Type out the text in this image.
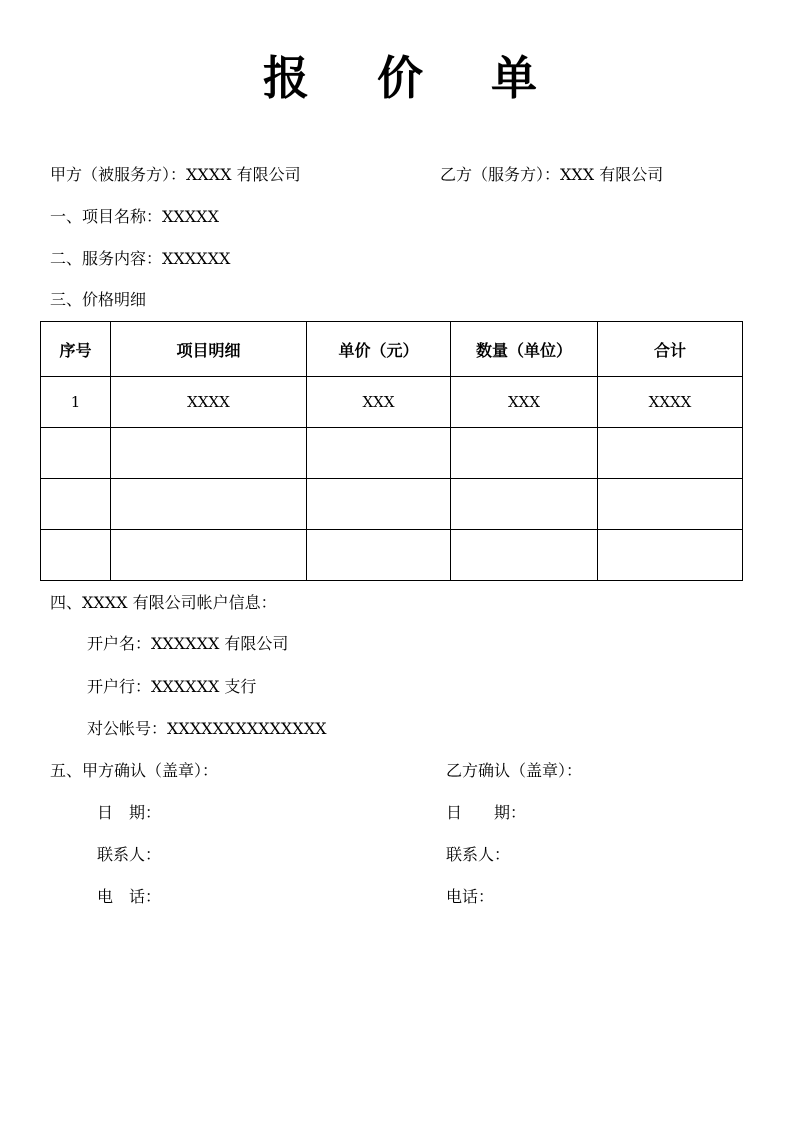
报 价 单
甲方（被服务方）：XXXX 有限公司	乙方（服务方）：XXX 有限公司
一、项目名称：XXXXX
二、服务内容：XXXXXX
三、价格明细
序号	项目明细	单价（元）	数量（单位）	合计
1	XXXX	XXX	XXX	XXXX

四、XXXX 有限公司帐户信息：
开户名：XXXXXX 有限公司
开户行：XXXXXX 支行
对公帐号：XXXXXXXXXXXXXX
五、甲方确认（盖章）：	乙方确认（盖章）：
日　期：	日　　期：
联系人：	联系人：
电　话：	电话：
